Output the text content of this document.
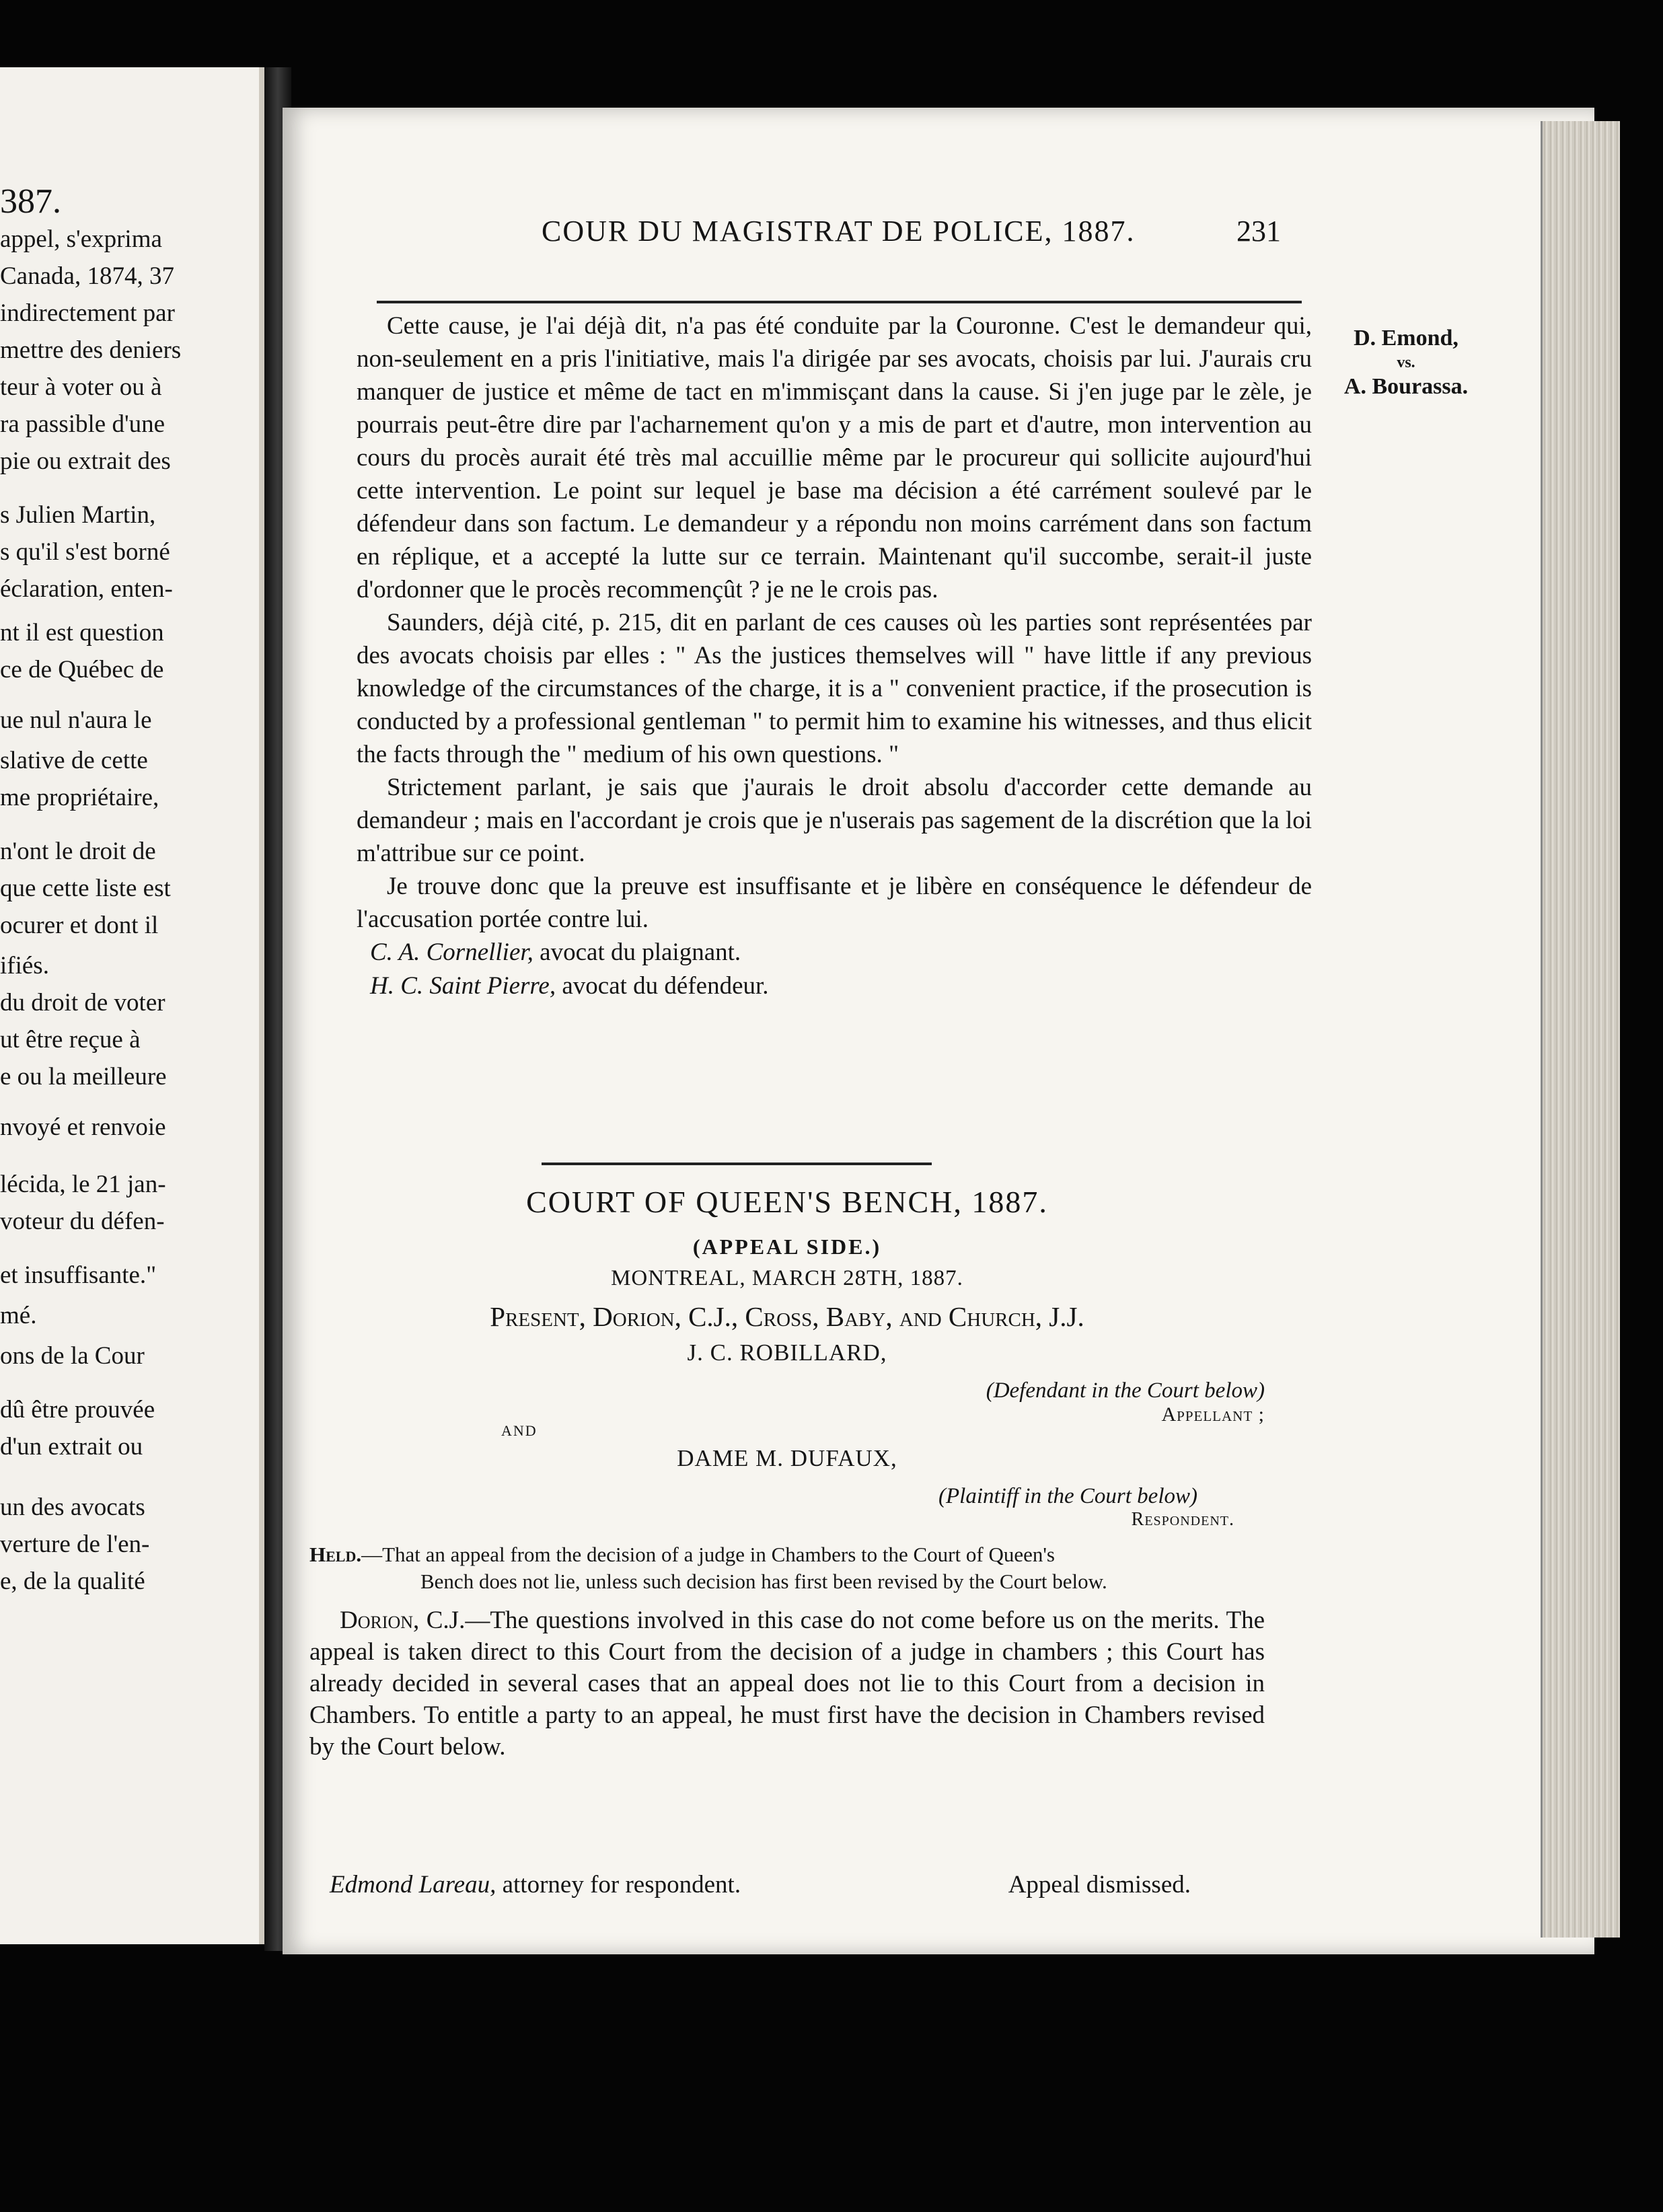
387.
appel, s'exprima
Canada, 1874, 37
indirectement par
mettre des deniers
teur à voter ou à
ra passible d'une
pie ou extrait des
s Julien Martin,
s qu'il s'est borné
éclaration, enten-
nt il est question
ce de Québec de
ue nul n'aura le
slative de cette
me propriétaire,
n'ont le droit de
que cette liste est
ocurer et dont il
ifiés.
du droit de voter
ut être reçue à
e ou la meilleure
nvoyé et renvoie
lécida, le 21 jan-
voteur du défen-
et insuffisante."
mé.
ons de la Cour
dû être prouvée
d'un extrait ou
un des avocats
verture de l'en-
e, de la qualité
COUR DU MAGISTRAT DE POLICE, 1887.	231
D. Emond,
vs.
A. Bourassa.

Cette cause, je l'ai déjà dit, n'a pas été conduite par la Couronne. C'est le demandeur qui, non-seulement en a pris l'initiative, mais l'a dirigée par ses avocats, choisis par lui. J'aurais cru manquer de justice et même de tact en m'immisçant dans la cause. Si j'en juge par le zèle, je pourrais peut-être dire par l'acharnement qu'on y a mis de part et d'autre, mon intervention au cours du procès aurait été très mal accuillie même par le procureur qui sollicite aujourd'hui cette intervention. Le point sur lequel je base ma décision a été carrément soulevé par le défendeur dans son factum. Le demandeur y a répondu non moins carrément dans son factum en réplique, et a accepté la lutte sur ce terrain. Maintenant qu'il succombe, serait-il juste d'ordonner que le procès recommençût ? je ne le crois pas.

Saunders, déjà cité, p. 215, dit en parlant de ces causes où les parties sont représentées par des avocats choisis par elles : " As the justices themselves will " have little if any previous knowledge of the circumstances of the charge, it is a " convenient practice, if the prosecution is conducted by a professional gentleman " to permit him to examine his witnesses, and thus elicit the facts through the " medium of his own questions. "

Strictement parlant, je sais que j'aurais le droit absolu d'accorder cette demande au demandeur ; mais en l'accordant je crois que je n'userais pas sagement de la discrétion que la loi m'attribue sur ce point.

Je trouve donc que la preuve est insuffisante et je libère en conséquence le défendeur de l'accusation portée contre lui.

C. A. Cornellier, avocat du plaignant.
H. C. Saint Pierre, avocat du défendeur.
COURT OF QUEEN'S BENCH, 1887.
(APPEAL SIDE.)
MONTREAL, MARCH 28TH, 1887.
Present, Dorion, C.J., Cross, Baby, and Church, J.J.
J. C. ROBILLARD,
(Defendant in the Court below)
Appellant ;
AND
DAME M. DUFAUX,
(Plaintiff in the Court below)
Respondent.
Held.—That an appeal from the decision of a judge in Chambers to the Court of Queen's
Bench does not lie, unless such decision has first been revised by the Court below.
Dorion, C.J.—The questions involved in this case do not come before us on the merits. The appeal is taken direct to this Court from the decision of a judge in chambers ; this Court has already decided in several cases that an appeal does not lie to this Court from a decision in Chambers. To entitle a party to an appeal, he must first have the decision in Chambers revised by the Court below.
Edmond Lareau, attorney for respondent.	Appeal dismissed.
